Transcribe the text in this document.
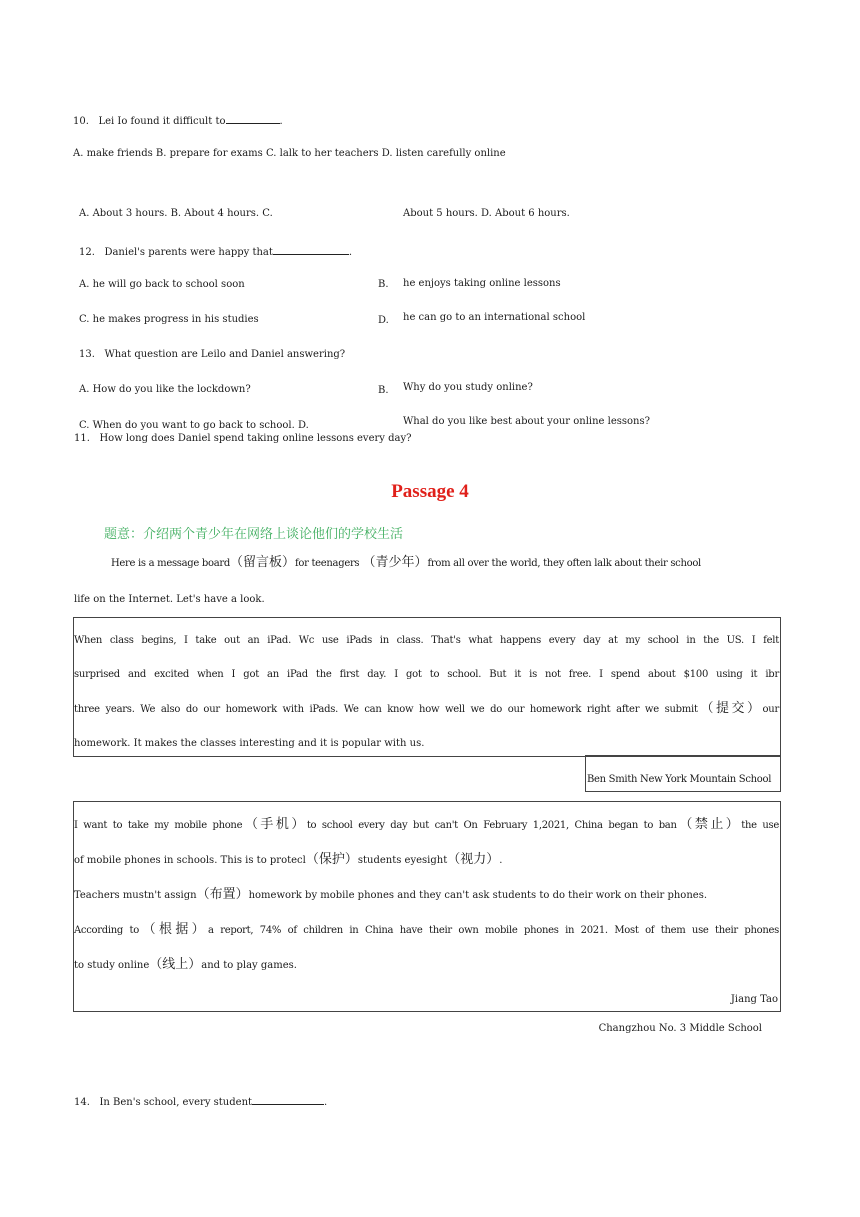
10. Lei Io found it difficult to	.
A. make friends B. prepare for exams C. lalk to her teachers D. listen carefully online
A. About 3 hours. B. About 4 hours. C.	About 5 hours. D. About 6 hours.
12. Daniel's parents were happy that	.
A. he will go back to school soon	B. he enjoys taking online lessons
C. he makes progress in his studies	D. he can go to an international school
13. What question are Leilo and Daniel answering?
A. How do you like the lockdown?	B. Why do you study online?
C. When do you want to go back to school. D.	Whal do you like best about your online lessons?
11. How long does Daniel spend taking online lessons every day?
Passage 4
题意：介绍两个青少年在网络上谈论他们的学校生活
Here is a message board（留言板）for teenagers （青少年）from all over the world, they often lalk about their school
life on the Internet. Let's have a look.
When class begins, I take out an iPad. Wc use iPads in class. That's what happens every day at my school in the US. I felt
surprised and excited when I got an iPad the first day. I got to school. But it is not free. I spend about $100 using it ibr
three years. We also do our homework with iPads. We can know how well we do our homework right after we submit（提交）our
homework. It makes the classes interesting and it is popular with us.
Ben Smith New York Mountain School
I want to take my mobile phone（手机）to school every day but can't On February 1,2021, China began to ban（禁止）the use
of mobile phones in schools. This is to protecl（保护）students eyesight（视力）.
Teachers mustn't assign（布置）homework by mobile phones and they can't ask students to do their work on their phones.
According to（根据）a report, 74% of children in China have their own mobile phones in 2021. Most of them use their phones
to study online（线上）and to play games.
Jiang Tao
Changzhou No. 3 Middle School
14. In Ben's school, every student	.
